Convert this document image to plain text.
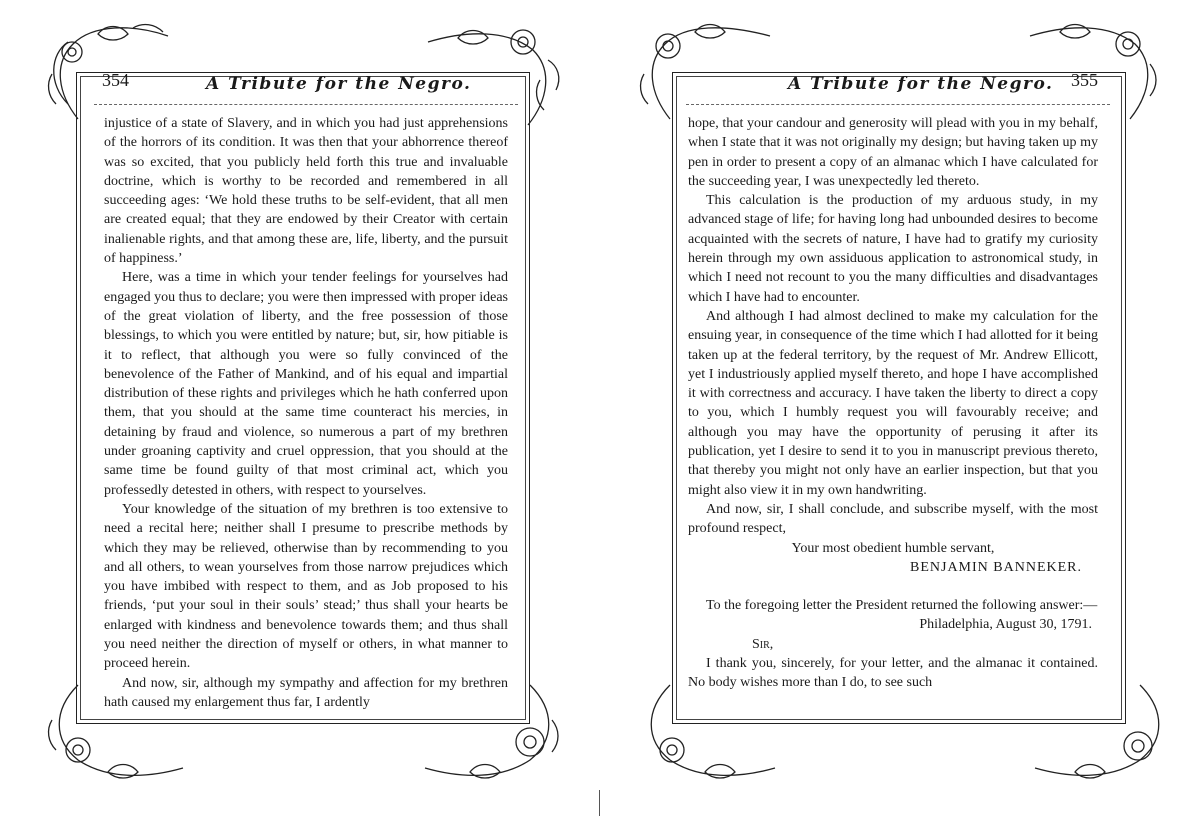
354	A Tribute for the Negro.

injustice of a state of Slavery, and in which you had just apprehensions of the horrors of its condition. It was then that your abhorrence thereof was so excited, that you publicly held forth this true and invaluable doctrine, which is worthy to be recorded and remembered in all succeeding ages: ‘We hold these truths to be self-evident, that all men are created equal; that they are endowed by their Creator with certain inalienable rights, and that among these are, life, liberty, and the pursuit of happiness.’

Here, was a time in which your tender feelings for yourselves had engaged you thus to declare; you were then impressed with proper ideas of the great violation of liberty, and the free possession of those blessings, to which you were entitled by nature; but, sir, how pitiable is it to reflect, that although you were so fully convinced of the benevolence of the Father of Mankind, and of his equal and impartial distribution of these rights and privileges which he hath conferred upon them, that you should at the same time counteract his mercies, in detaining by fraud and violence, so numerous a part of my brethren under groaning captivity and cruel oppression, that you should at the same time be found guilty of that most criminal act, which you professedly detested in others, with respect to yourselves.

Your knowledge of the situation of my brethren is too extensive to need a recital here; neither shall I presume to prescribe methods by which they may be relieved, otherwise than by recommending to you and all others, to wean yourselves from those narrow prejudices which you have imbibed with respect to them, and as Job proposed to his friends, ‘put your soul in their souls’ stead;’ thus shall your hearts be enlarged with kindness and benevolence towards them; and thus shall you need neither the direction of myself or others, in what manner to proceed herein.

And now, sir, although my sympathy and affection for my brethren hath caused my enlargement thus far, I ardently

A Tribute for the Negro. 355

hope, that your candour and generosity will plead with you in my behalf, when I state that it was not originally my design; but having taken up my pen in order to present a copy of an almanac which I have calculated for the succeeding year, I was unexpectedly led thereto.

This calculation is the production of my arduous study, in my advanced stage of life; for having long had unbounded desires to become acquainted with the secrets of nature, I have had to gratify my curiosity herein through my own assiduous application to astronomical study, in which I need not recount to you the many difficulties and disadvantages which I have had to encounter.

And although I had almost declined to make my calculation for the ensuing year, in consequence of the time which I had allotted for it being taken up at the federal territory, by the request of Mr. Andrew Ellicott, yet I industriously applied myself thereto, and hope I have accomplished it with correctness and accuracy. I have taken the liberty to direct a copy to you, which I humbly request you will favourably receive; and although you may have the opportunity of perusing it after its publication, yet I desire to send it to you in manuscript previous thereto, that thereby you might not only have an earlier inspection, but that you might also view it in my own handwriting.

And now, sir, I shall conclude, and subscribe myself, with the most profound respect,

Your most obedient humble servant,

BENJAMIN BANNEKER.

To the foregoing letter the President returned the following answer:—

Philadelphia, August 30, 1791.

Sir,

I thank you, sincerely, for your letter, and the almanac it contained. No body wishes more than I do, to see such
